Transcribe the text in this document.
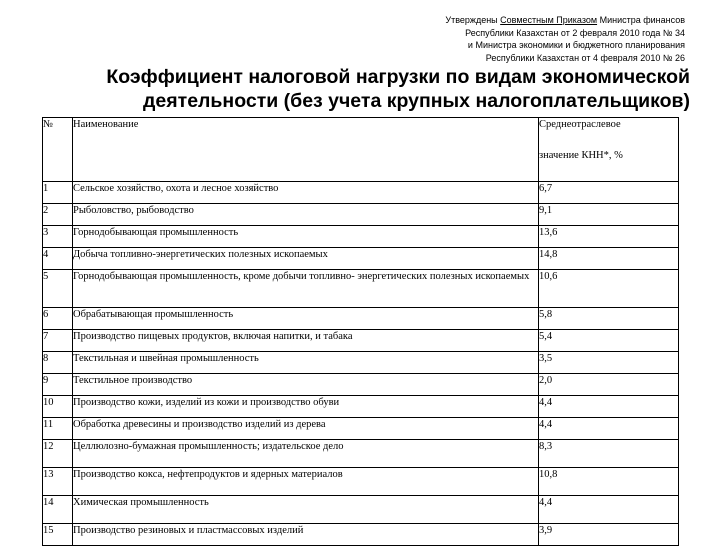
Утверждены Совместным Приказом Министра финансов
Республики Казахстан от 2 февраля 2010 года № 34
и Министра экономики и бюджетного планирования
Республики Казахстан от 4 февраля 2010 № 26
Коэффициент налоговой нагрузки по видам экономической
деятельности (без учета крупных налогоплательщиков)
№	Наименование	Среднеотраслевое
значение КНН*, %

1	Сельское хозяйство, охота и лесное хозяйство	6,7
2	Рыболовство, рыбоводство	9,1
3	Горнодобывающая промышленность	13,6
4	Добыча топливно-энергетических полезных ископаемых	14,8
5	Горнодобывающая промышленность, кроме добычи топливно- энергетических полезных ископаемых	10,6
6	Обрабатывающая промышленность	5,8
7	Производство пищевых продуктов, включая напитки, и табака	5,4
8	Текстильная и швейная промышленность	3,5
9	Текстильное производство	2,0
10	Производство кожи, изделий из кожи и производство обуви	4,4
11	Обработка древесины и производство изделий из дерева	4,4
12	Целлюлозно-бумажная промышленность; издательское дело	8,3
13	Производство кокса, нефтепродуктов и ядерных материалов	10,8
14	Химическая промышленность	4,4
15	Производство резиновых и пластмассовых изделий	3,9
